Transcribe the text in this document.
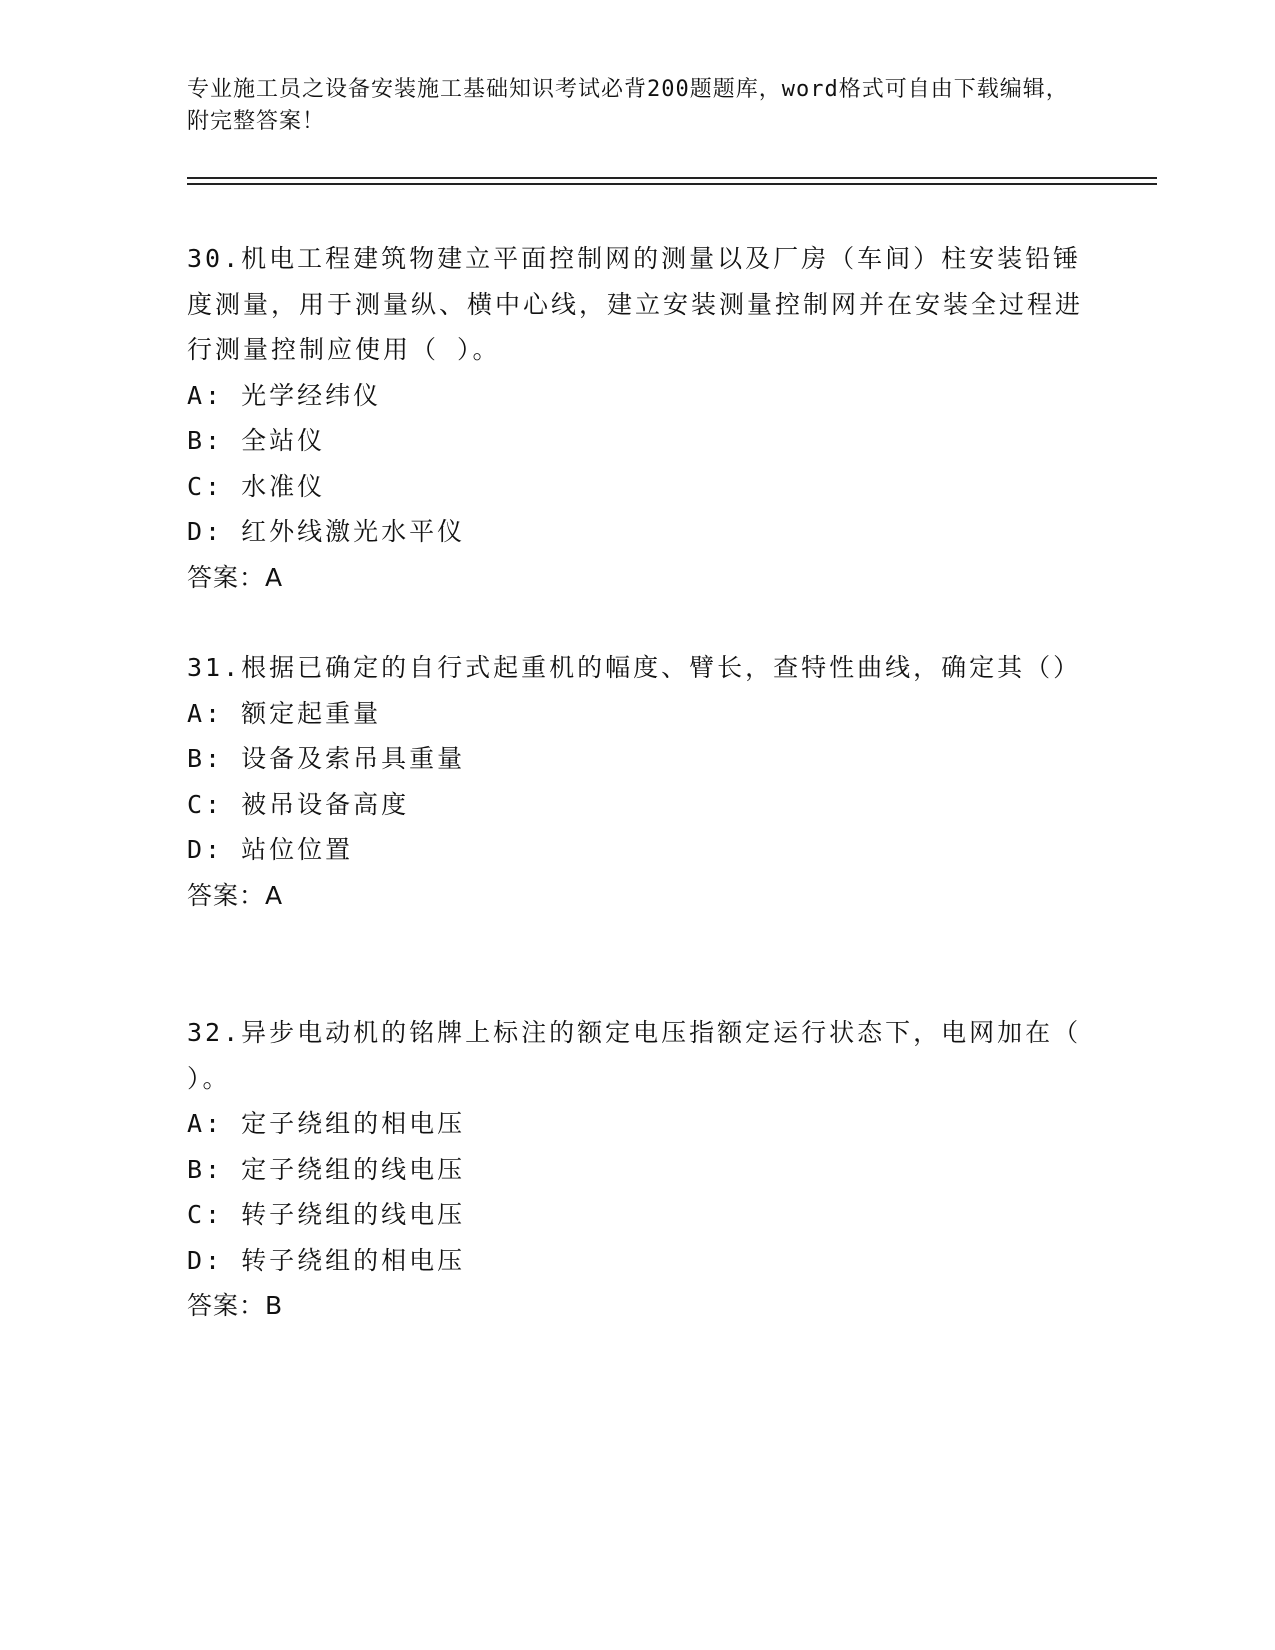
专业施工员之设备安装施工基础知识考试必背200题题库，word格式可自由下载编辑，附完整答案！
30.机电工程建筑物建立平面控制网的测量以及厂房（车间）柱安装铅锤度测量，用于测量纵、横中心线，建立安装测量控制网并在安装全过程进行测量控制应使用（ ）。
A: 光学经纬仪
B: 全站仪
C: 水准仪
D: 红外线激光水平仪
答案：A
31.根据已确定的自行式起重机的幅度、臂长，查特性曲线，确定其（）
A: 额定起重量
B: 设备及索吊具重量
C: 被吊设备高度
D: 站位位置
答案：A
32.异步电动机的铭牌上标注的额定电压指额定运行状态下，电网加在（ ）。
A: 定子绕组的相电压
B: 定子绕组的线电压
C: 转子绕组的线电压
D: 转子绕组的相电压
答案：B
